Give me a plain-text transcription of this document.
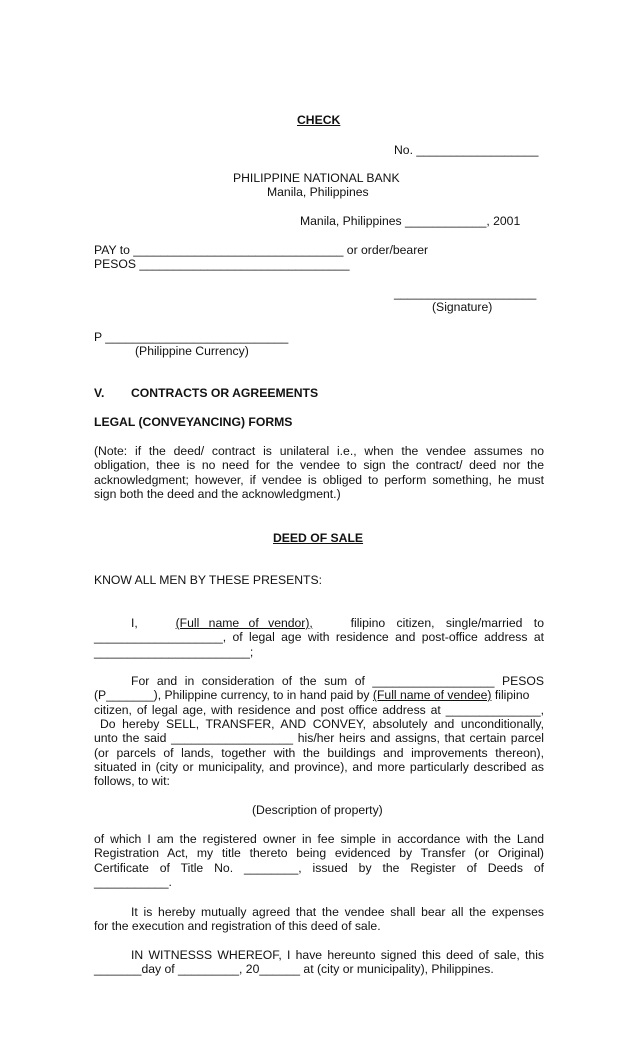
CHECK
No. __________________
PHILIPPINE NATIONAL BANK
Manila, Philippines
Manila, Philippines ____________, 2001
PAY to _______________________________ or order/bearer
PESOS _______________________________
_____________________
(Signature)
P ___________________________
(Philippine Currency)
V. CONTRACTS OR AGREEMENTS
LEGAL (CONVEYANCING) FORMS
(Note: if the deed/ contract is unilateral i.e., when the vendee assumes no
obligation, thee is no need for the vendee to sign the contract/ deed nor the
acknowledgment; however, if vendee is obliged to perform something, he must
sign both the deed and the acknowledgment.)
DEED OF SALE
KNOW ALL MEN BY THESE PRESENTS:
I,	(Full name of vendor),	filipino citizen, single/married to
___________________, of legal age with residence and post-office address at
_______________________;
For and in consideration of the sum of __________________ PESOS
(P_______), Philippine currency, to in hand paid by (Full name of vendee) filipino
citizen, of legal age, with residence and post office address at ______________,
Do hereby SELL, TRANSFER, AND CONVEY, absolutely and unconditionally,
unto the said __________________ his/her heirs and assigns, that certain parcel
(or parcels of lands, together with the buildings and improvements thereon),
situated in (city or municipality, and province), and more particularly described as
follows, to wit:
(Description of property)
of which I am the registered owner in fee simple in accordance with the Land
Registration Act, my title thereto being evidenced by Transfer (or Original)
Certificate of Title No. ________, issued by the Register of Deeds of
___________.
It is hereby mutually agreed that the vendee shall bear all the expenses
for the execution and registration of this deed of sale.
IN WITNESSS WHEREOF, I have hereunto signed this deed of sale, this
_______day of _________, 20______ at (city or municipality), Philippines.
